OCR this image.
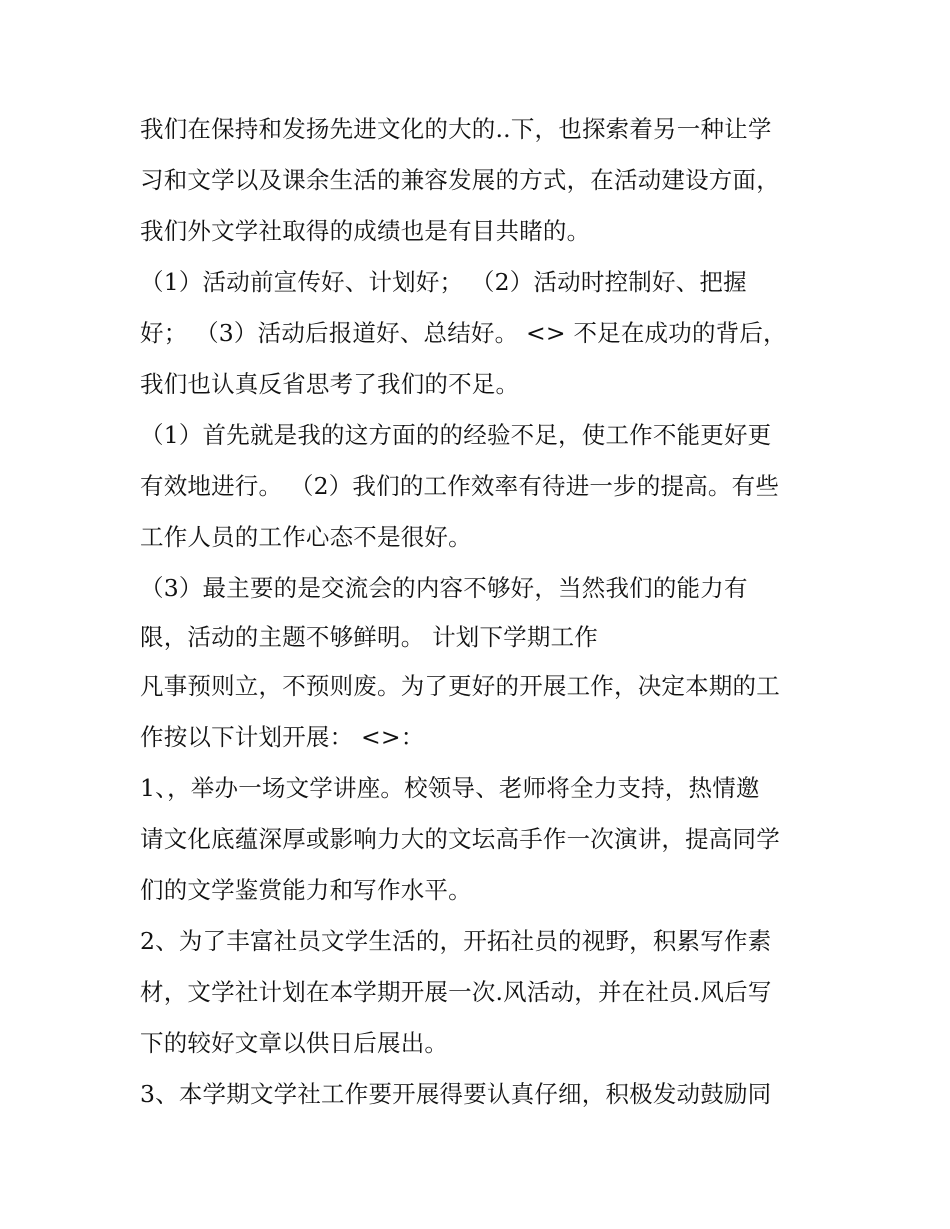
我们在保持和发扬先进文化的大的..下，也探索着另一种让学
习和文学以及课余生活的兼容发展的方式，在活动建设方面，
我们外文学社取得的成绩也是有目共睹的。
（1）活动前宣传好、计划好； （2）活动时控制好、把握
好； （3）活动后报道好、总结好。 <> 不足在成功的背后，
我们也认真反省思考了我们的不足。
（1）首先就是我的这方面的的经验不足，使工作不能更好更
有效地进行。 （2）我们的工作效率有待进一步的提高。有些
工作人员的工作心态不是很好。
（3）最主要的是交流会的内容不够好，当然我们的能力有
限，活动的主题不够鲜明。 计划下学期工作
凡事预则立，不预则废。为了更好的开展工作，决定本期的工
作按以下计划开展： <>：
1、，举办一场文学讲座。校领导、老师将全力支持，热情邀
请文化底蕴深厚或影响力大的文坛高手作一次演讲，提高同学
们的文学鉴赏能力和写作水平。
2、为了丰富社员文学生活的，开拓社员的视野，积累写作素
材，文学社计划在本学期开展一次.风活动，并在社员.风后写
下的较好文章以供日后展出。
3、本学期文学社工作要开展得要认真仔细，积极发动鼓励同
